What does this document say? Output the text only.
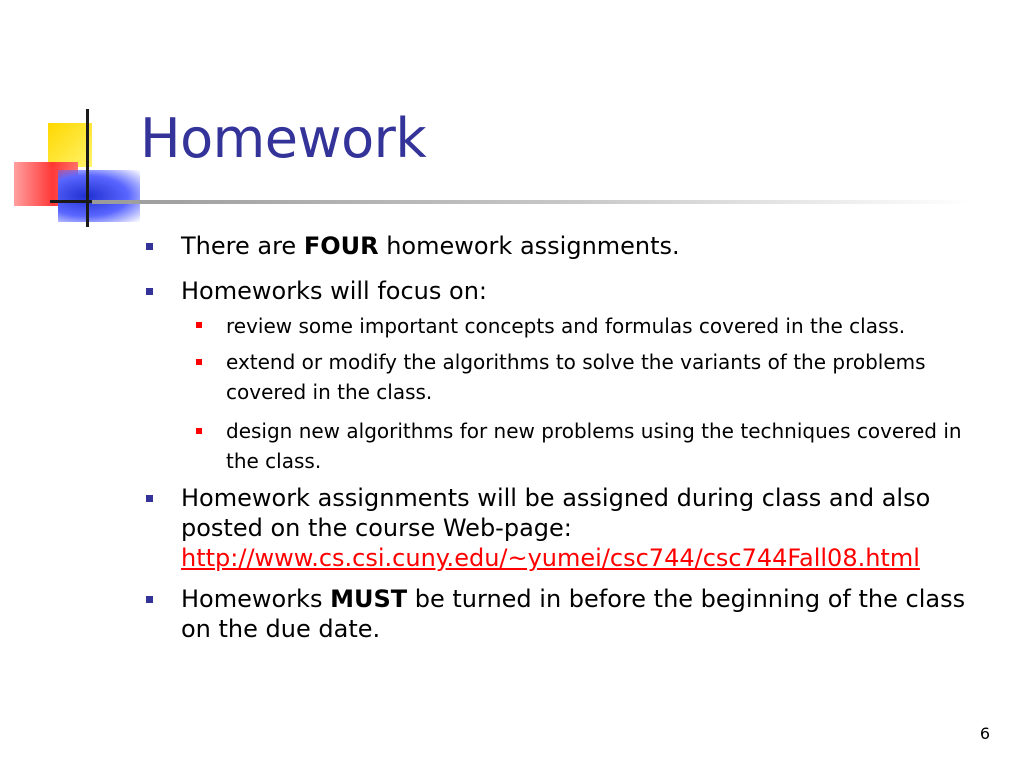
Homework
There are FOUR homework assignments.
Homeworks will focus on:
review some important concepts and formulas covered in the class.
extend or modify the algorithms to solve the variants of the problems covered in the class.
design new algorithms for new problems using the techniques covered in the class.
Homework assignments will be assigned during class and also posted on the course Web-page:
http://www.cs.csi.cuny.edu/~yumei/csc744/csc744Fall08.html
Homeworks MUST be turned in before the beginning of the class on the due date.
6
